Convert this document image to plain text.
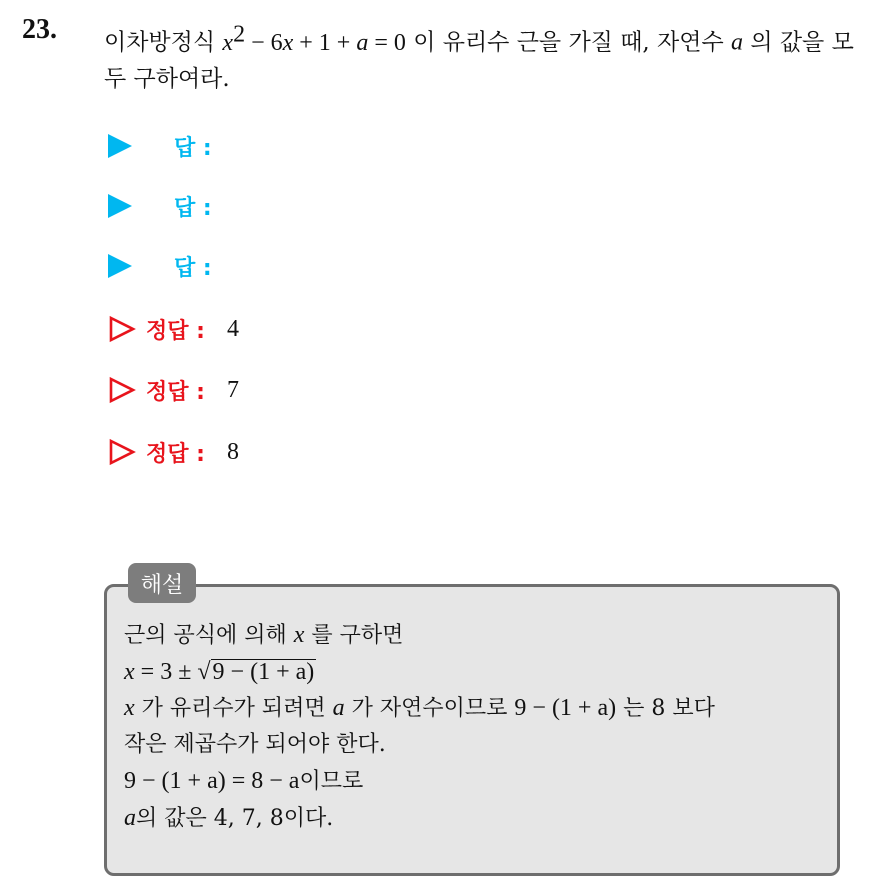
23. 이차방정식 $x^2 - 6x + 1 + a = 0$ 이 유리수 근을 가질 때, 자연수 a 의 값을 모두 구하여라.
답 :
답 :
답 :
정답 : 4
정답 : 7
정답 : 8
해설
근의 공식에 의해 x 를 구하면
x = 3 ± √9 − (1 + a)
x 가 유리수가 되려면 a 가 자연수이므로 9 − (1 + a) 는 8 보다
작은 제곱수가 되어야 한다.
9 − (1 + a) = 8 − a이므로
a의 값은 4, 7, 8이다.
